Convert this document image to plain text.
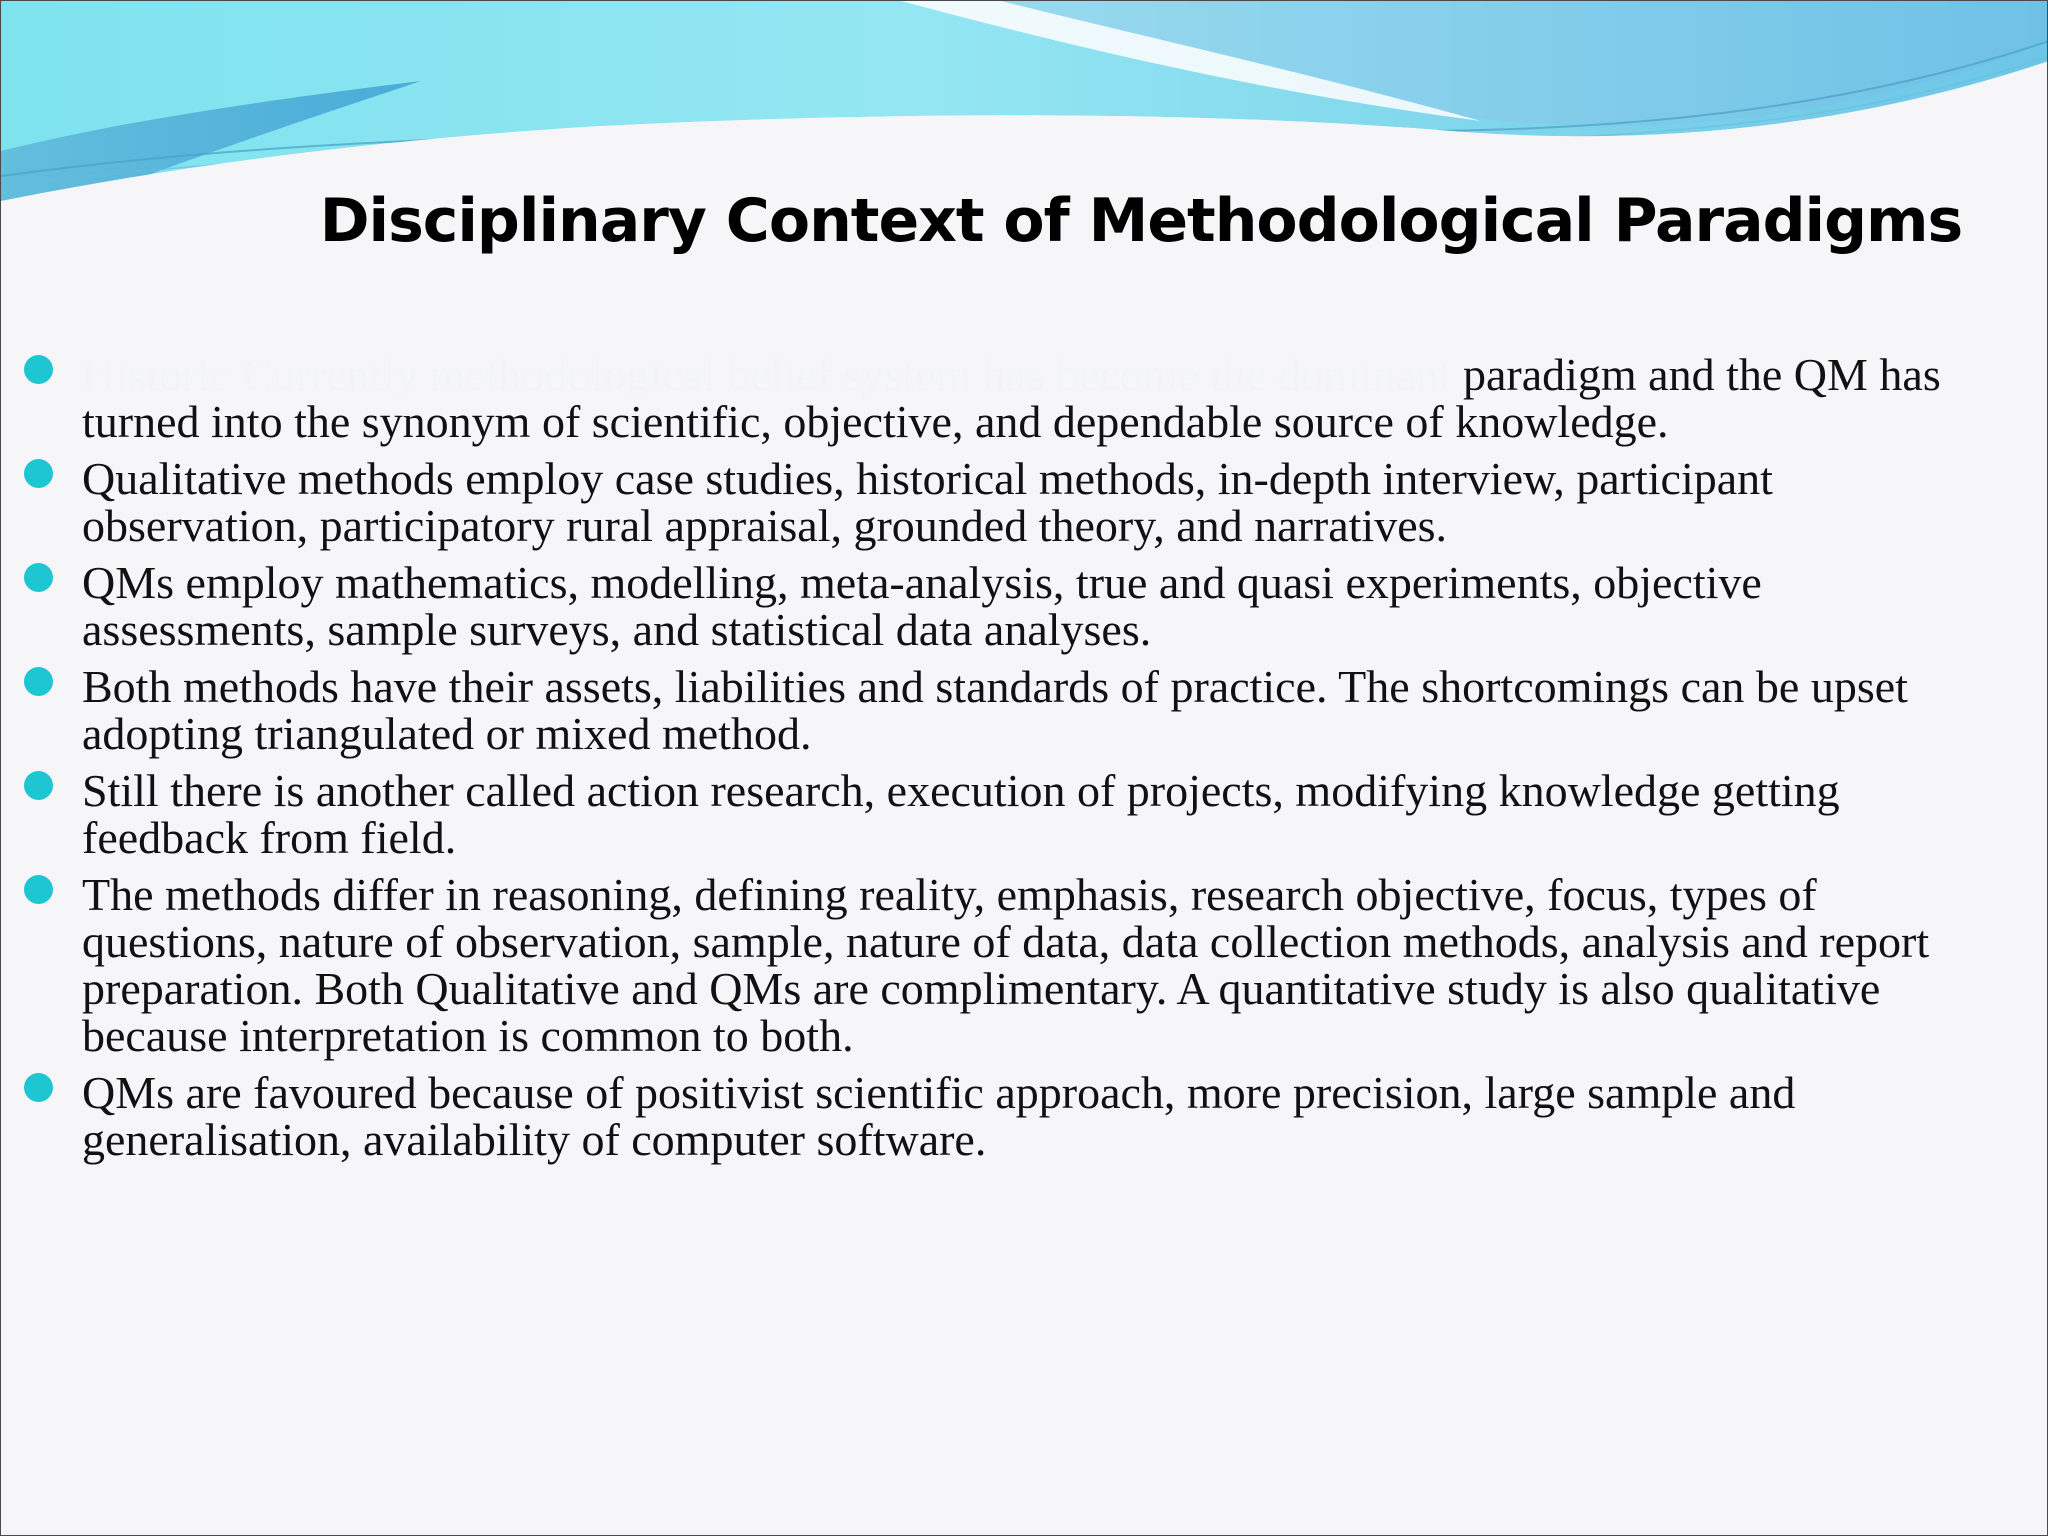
Disciplinary Context of Methodological Paradigms
Historic Currently methodological belief system has become the dominant paradigm and the QM has turned into the synonym of scientific, objective, and dependable source of knowledge.
Qualitative methods employ case studies, historical methods, in-depth interview, participant observation, participatory rural appraisal, grounded theory, and narratives.
QMs employ mathematics, modelling, meta-analysis, true and quasi experiments, objective assessments, sample surveys, and statistical data analyses.
Both methods have their assets, liabilities and standards of practice. The shortcomings can be upset adopting triangulated or mixed method.
Still there is another called action research, execution of projects, modifying knowledge getting feedback from field.
The methods differ in reasoning, defining reality, emphasis, research objective, focus, types of questions, nature of observation, sample, nature of data, data collection methods, analysis and report preparation. Both Qualitative and QMs are complimentary. A quantitative study is also qualitative because interpretation is common to both.
QMs are favoured because of positivist scientific approach, more precision, large sample and generalisation, availability of computer software.
